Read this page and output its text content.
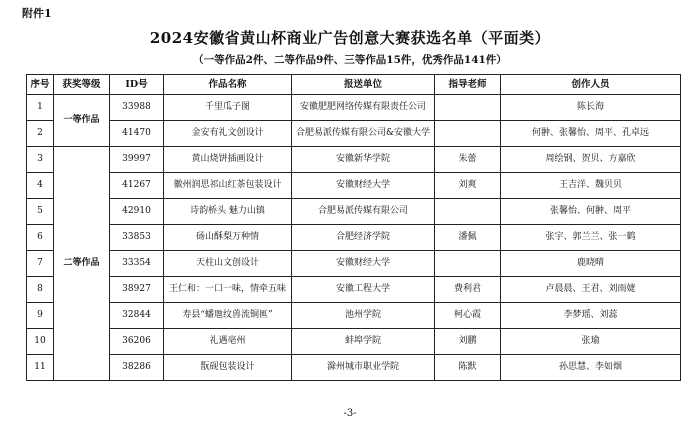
附件1
2024安徽省黄山杯商业广告创意大赛获选名单（平面类）
（一等作品2件、二等作品9件、三等作品15件，优秀作品141件）
序号	获奖等级	ID号	作品名称	报送单位	指导老师	创作人员
1	一等作品	33988	千里瓜子图	安徽肥肥网络传媒有限责任公司		陈长海
2		41470	金安有礼文创设计	合肥易派传媒有限公司&安徽大学		何翀、张馨怡、周平、孔卓远
3	二等作品	39997	黄山烧饼插画设计	安徽新华学院	朱蕾	周绘钢、贺贝、方嘉欣
4		41267	徽州润思祁山红茶包装设计	安徽财经大学	刘爽	王吉洋、魏贝贝
5		42910	诗韵桥头 魅力山镇	合肥易派传媒有限公司		张馨怡、何翀、周平
6		33853	砀山酥梨万种情	合肥经济学院	潘佩	张宇、郭兰兰、张一鹤
7		33354	天柱山文创设计	安徽财经大学		鹿晓晴
8		38927	王仁和：一口一味，情牵五味	安徽工程大学	费利君	卢晨晨、王君、刘雨婕
9		32844	寿县“蟠虺纹兽流铜匜”	池州学院	柯心霞	李梦瑶、刘蕊
10		36206	礼遇亳州	蚌埠学院	刘鹏	张瑜
11		38286	翫砚包装设计	滁州城市职业学院	陈默	孙思慧、李如烟
-3-
